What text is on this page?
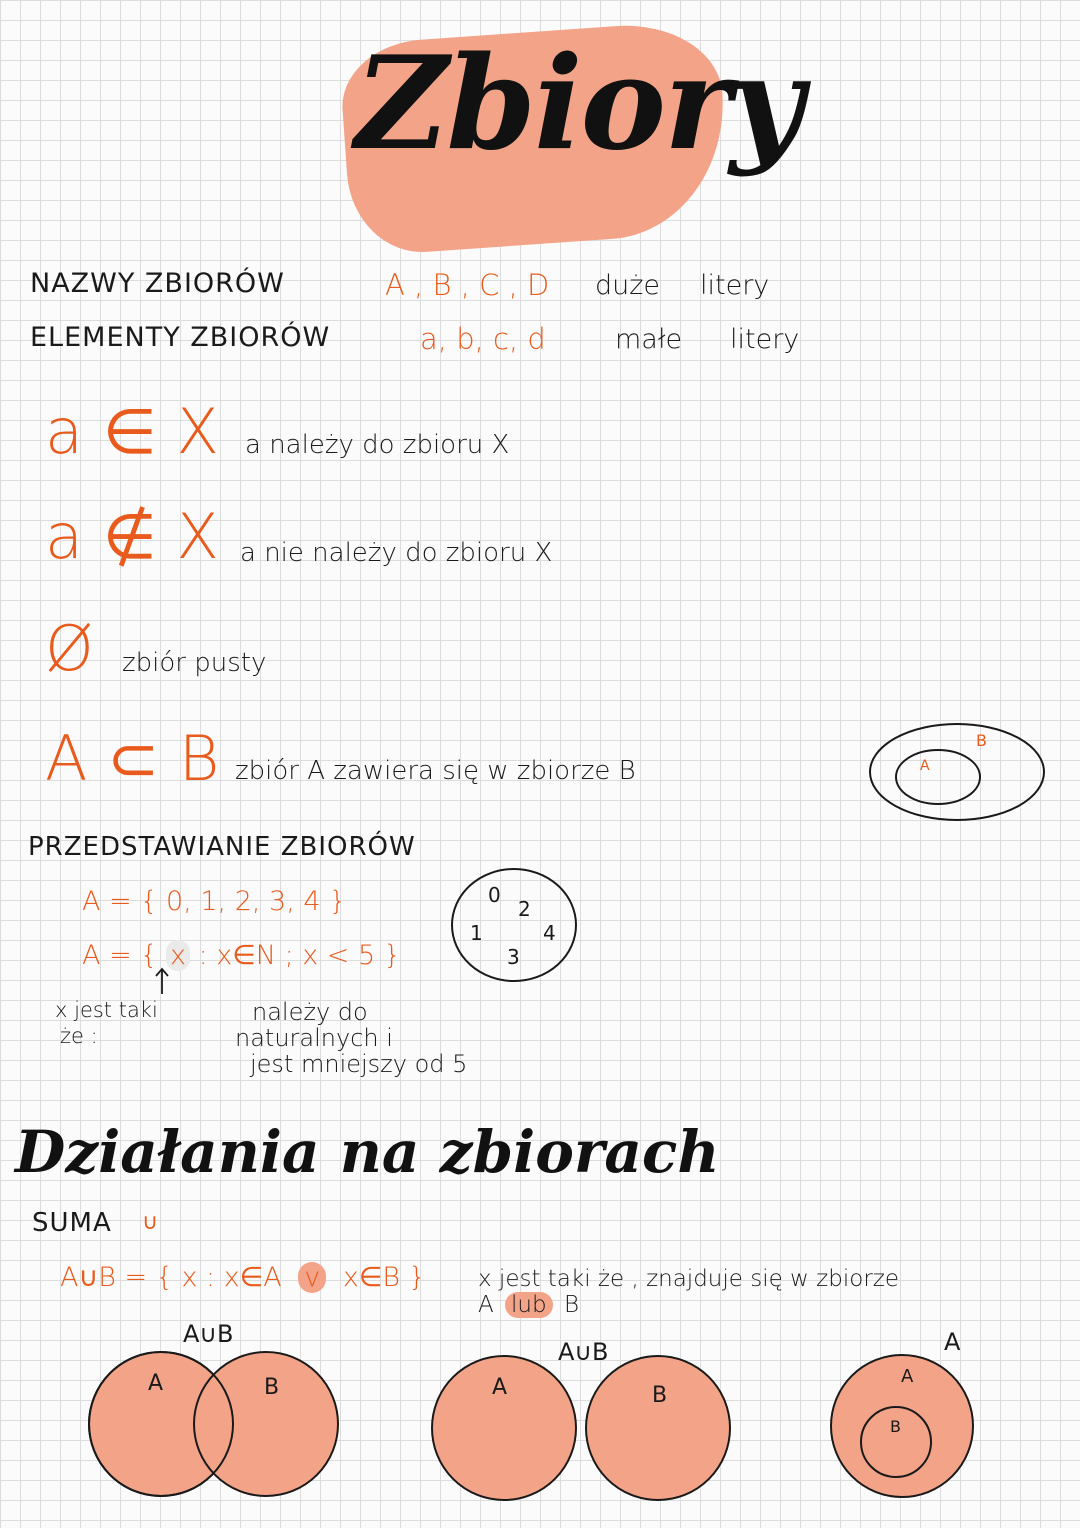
Zbiory
NAZWY ZBIORÓW	A , B , C , D duże litery
ELEMENTY ZBIORÓW	a, b, c, d	małe litery
a ∈ X a należy do zbioru X
a ∉ X a nie należy do zbioru X
Ø zbiór pusty
A ⊂ B zbiór A zawiera się w zbiorze B
B
A
PRZEDSTAWIANIE ZBIORÓW
A = { 0, 1, 2, 3, 4 }
A = { x : x∈N ; x < 5 }
x jest taki
że :
należy do
naturalnych i
jest mniejszy od 5
0
2
1	4
3
Działania na zbiorach
SUMA ∪
A∪B = { x : x∈A v x∈B } x jest taki że , znajduje się w zbiorze
A lub B
A∪B
A	B
A∪B
A	B
A
A
B
